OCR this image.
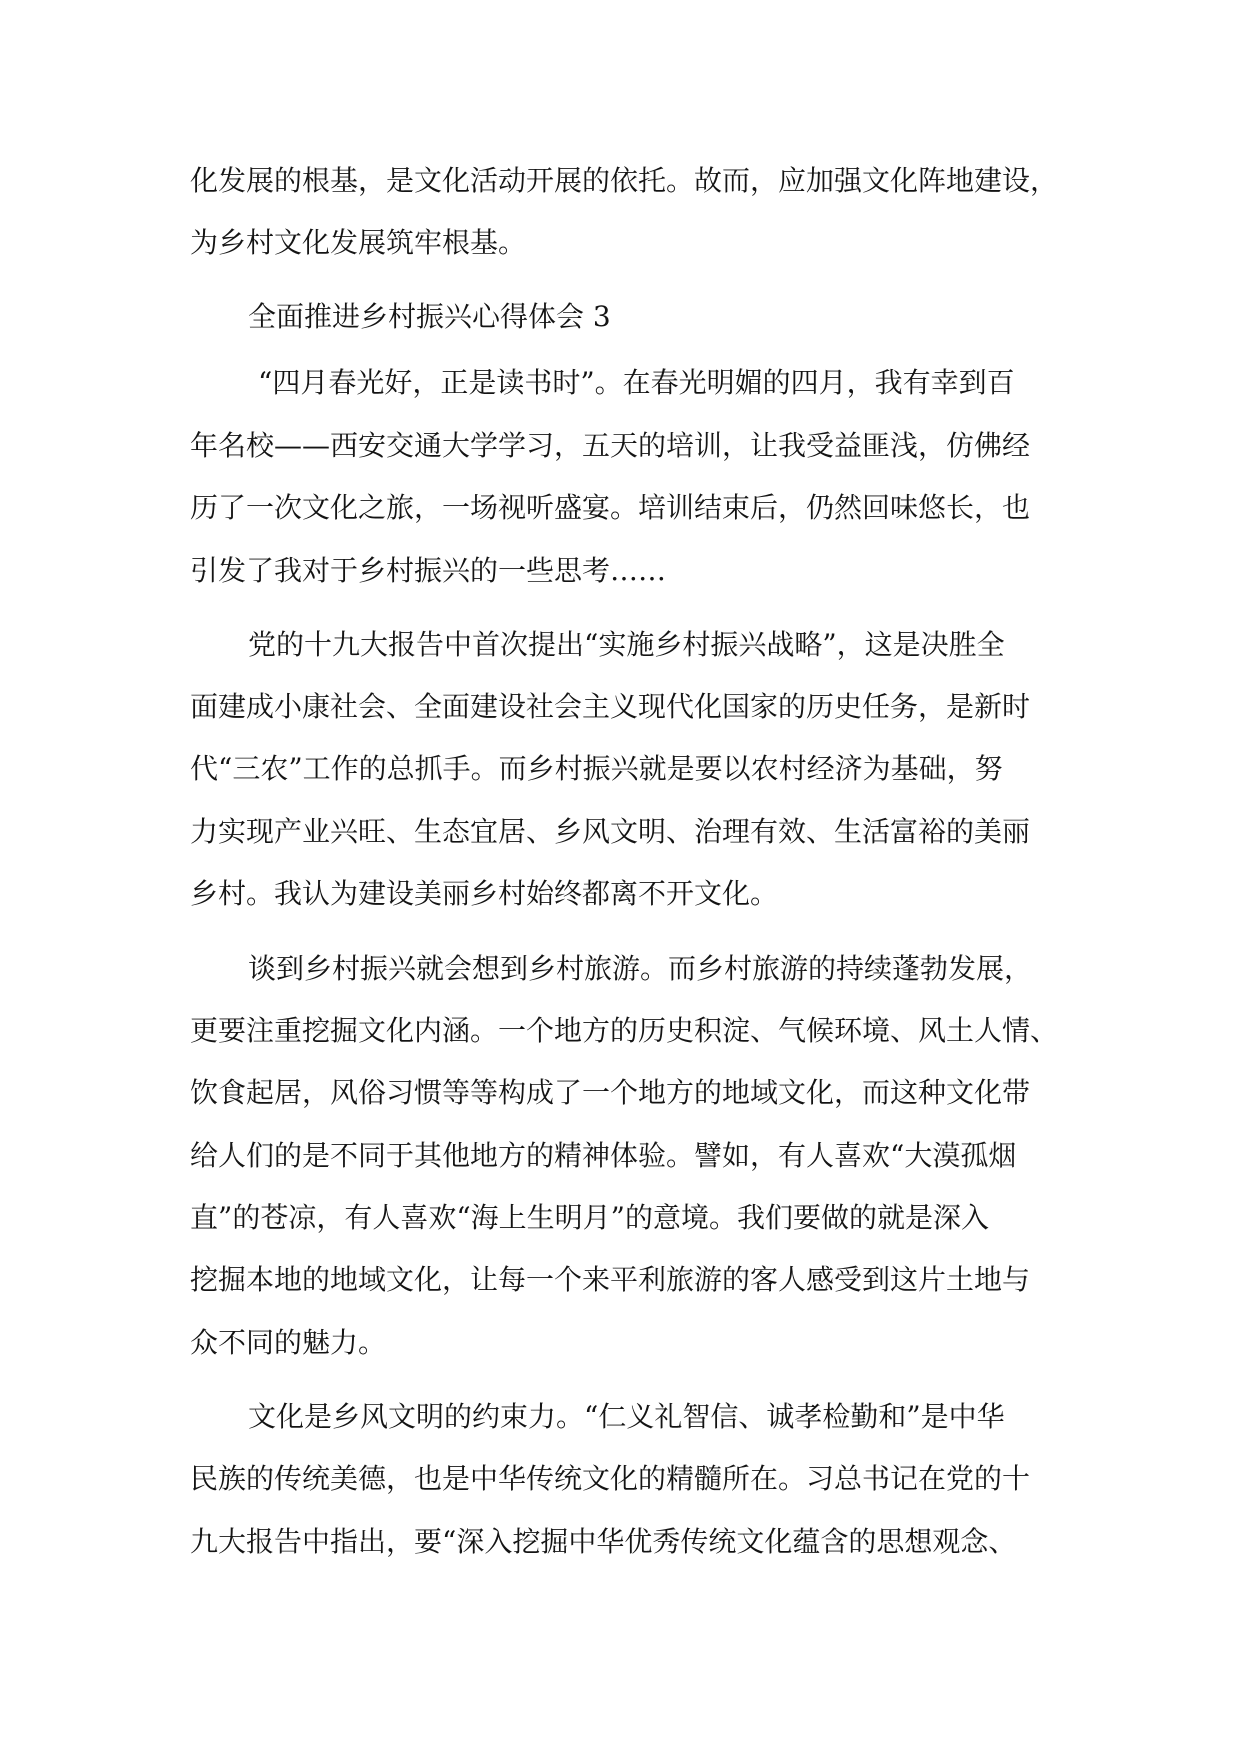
化发展的根基，是文化活动开展的依托。故而，应加强文化阵地建设，

为乡村文化发展筑牢根基。

全面推进乡村振兴心得体会 3

“四月春光好，正是读书时”。在春光明媚的四月，我有幸到百

年名校——西安交通大学学习，五天的培训，让我受益匪浅，仿佛经

历了一次文化之旅，一场视听盛宴。培训结束后，仍然回味悠长，也

引发了我对于乡村振兴的一些思考……

党的十九大报告中首次提出“实施乡村振兴战略”，这是决胜全

面建成小康社会、全面建设社会主义现代化国家的历史任务，是新时

代“三农”工作的总抓手。而乡村振兴就是要以农村经济为基础，努

力实现产业兴旺、生态宜居、乡风文明、治理有效、生活富裕的美丽

乡村。我认为建设美丽乡村始终都离不开文化。

谈到乡村振兴就会想到乡村旅游。而乡村旅游的持续蓬勃发展，

更要注重挖掘文化内涵。一个地方的历史积淀、气候环境、风土人情、

饮食起居，风俗习惯等等构成了一个地方的地域文化，而这种文化带

给人们的是不同于其他地方的精神体验。譬如，有人喜欢“大漠孤烟

直”的苍凉，有人喜欢“海上生明月”的意境。我们要做的就是深入

挖掘本地的地域文化，让每一个来平利旅游的客人感受到这片土地与

众不同的魅力。

文化是乡风文明的约束力。“仁义礼智信、诚孝检勤和”是中华

民族的传统美德，也是中华传统文化的精髓所在。习总书记在党的十

九大报告中指出，要“深入挖掘中华优秀传统文化蕴含的思想观念、
